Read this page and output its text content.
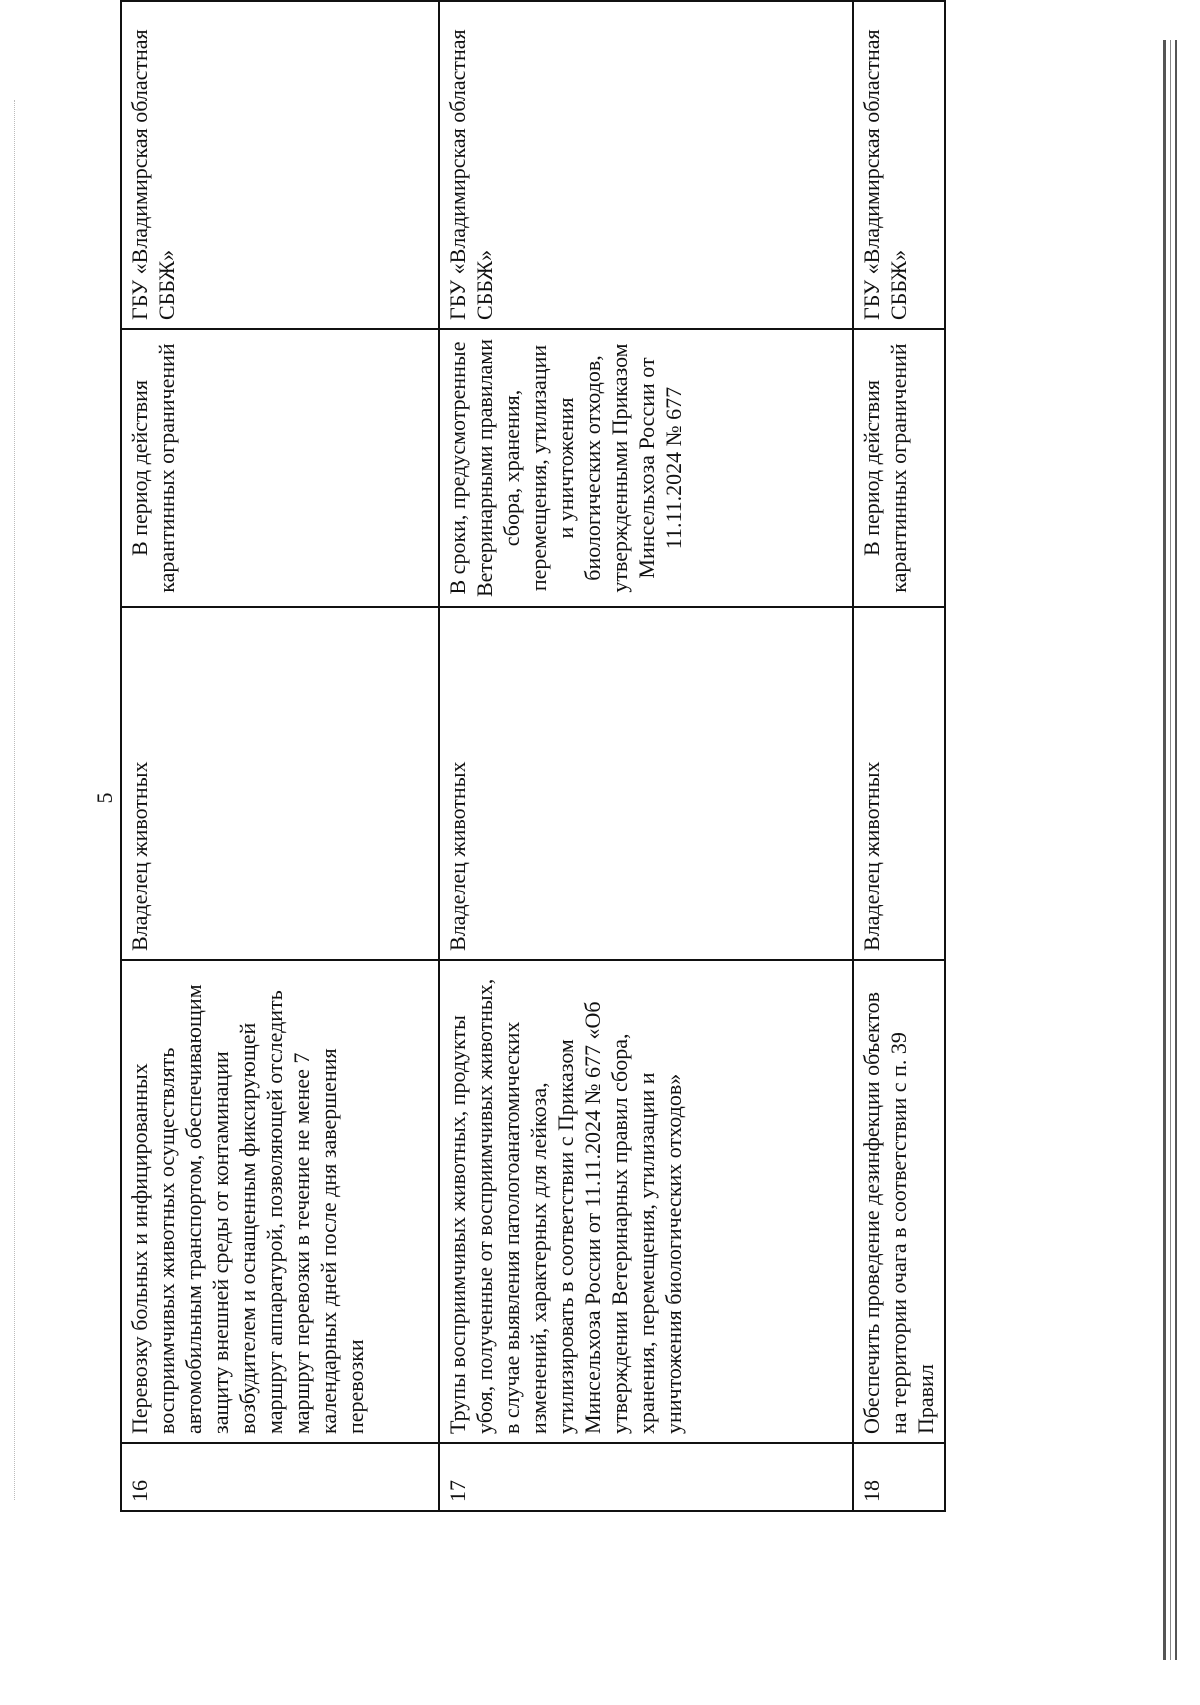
5
16	Перевозку больных и инфицированных восприимчивых животных осуществлять автомобильным транспортом, обеспечивающим защиту внешней среды от контаминации возбудителем и оснащенным фиксирующей маршрут аппаратурой, позволяющей отследить маршрут перевозки в течение не менее 7 календарных дней после дня завершения перевозки	Владелец животных	В период действия карантинных ограничений	ГБУ «Владимирская областная СББЖ»
17	Трупы восприимчивых животных, продукты убоя, полученные от восприимчивых животных, в случае выявления патологоанатомических изменений, характерных для лейкоза, утилизировать в соответствии с Приказом Минсельхоза России от 11.11.2024 № 677 «Об утверждении Ветеринарных правил сбора, хранения, перемещения, утилизации и уничтожения биологических отходов»	Владелец животных	В сроки, предусмотренные Ветеринарными правилами сбора, хранения, перемещения, утилизации и уничтожения биологических отходов, утвержденными Приказом Минсельхоза России от 11.11.2024 № 677	ГБУ «Владимирская областная СББЖ»
18	Обеспечить проведение дезинфекции объектов на территории очага в соответствии с п. 39 Правил	Владелец животных	В период действия карантинных ограничений	ГБУ «Владимирская областная СББЖ»
